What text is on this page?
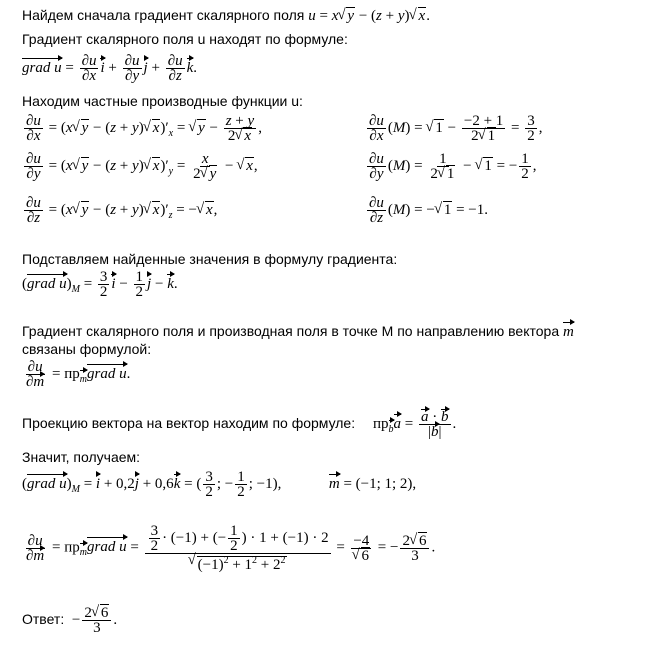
Найдем сначала градиент скалярного поля u = x √ y − (z + y) √ x.
Градиент скалярного поля u находят по формуле:
grad $u = \frac{\partial u}{\partial x}$ $i + \frac{\partial u}{\partial y}$ $j + \frac{\partial u}{\partial z} k$.
Находим частные производные функции u:
$\frac{\partial u}{\partial x} = (x$ √ y − (z + y) √ $x)'_x$ = √ $y - \frac{z + y}{2 √ x}$ ,	$\frac{\partial u}{\partial x} (M)$ = √ $1 - \frac{-2 + 1}{2 √ 1} = \frac{3}{2}$ ,
$\frac{\partial u}{\partial y} = (x$ √ y − (z + y) √ $x)'_y = \frac{x}{2 √ y}$ − √ x,	$\frac{\partial u}{\partial y} (M) = \frac{1}{2 √ 1}$ − √ 1 = − $\frac{1}{2}$ ,
$\frac{\partial u}{\partial z} = (x$ √ y − (z + y) √ $x)'_z$ = − √ x,	$\frac{\partial u}{\partial z} (M)$ = − √ 1 = −1.
Подставляем найденные значения в формулу градиента:
(grad $u)_M = \frac{3}{2}$ $i - \frac{1}{2}$ j − k.
Градиент скалярного поля и производная поля в точке М по направлению вектора m
связаны формулой:
$\frac{\partial u}{\partial m}$ = прmgrad u.
Проекцию вектора на вектор находим по формуле: прba = $\frac{a \cdot b}{|b|}$ .
Значит, получаем:
(grad $u)_M = i + 0,2j + 0,6k$ = ( $\frac{3}{2}$ ; − $\frac{1}{2}$ ; −1),	m = (−1; 1; 2),
$\frac{\partial u}{\partial m}$ = прmgrad $u = \frac{3}{2} \cdot (-1)$ + (− $\frac{1}{2}$ ) · 1 + (−1) · 2
√ $(-1)^2 + 1^2 + 2^2 = -4$
√ 6 = − $\frac{2 √ 6}{3}$ .
Ответ:  − $\frac{2 √ 6}{3}$ .
